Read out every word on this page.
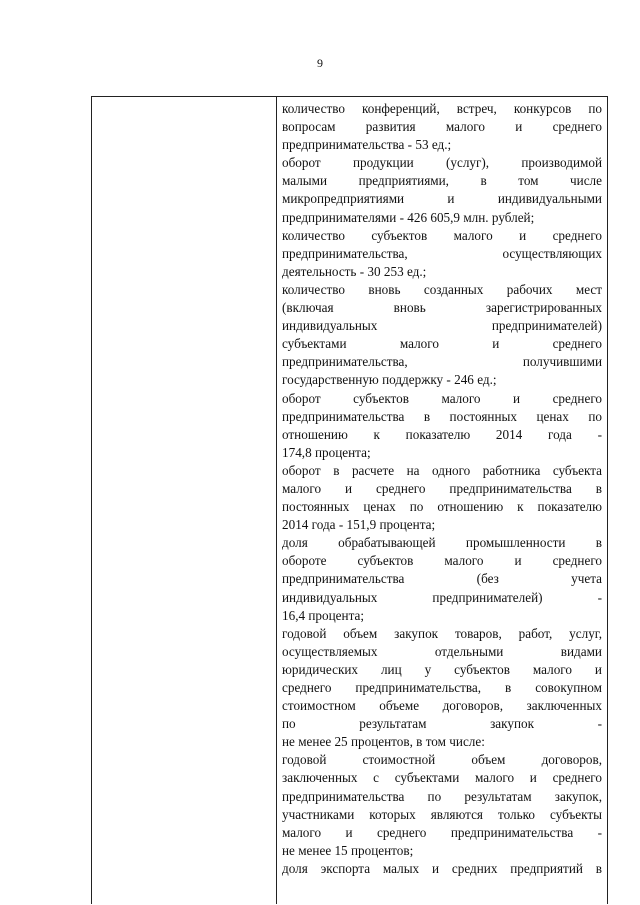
9
количество конференций, встреч, конкурсов по
вопросам развития малого и среднего
предпринимательства - 53 ед.;
оборот продукции (услуг), производимой
малыми предприятиями, в том числе
микропредприятиями и индивидуальными
предпринимателями - 426 605,9 млн. рублей;
количество субъектов малого и среднего
предпринимательства, осуществляющих
деятельность - 30 253 ед.;
количество вновь созданных рабочих мест
(включая вновь зарегистрированных
индивидуальных предпринимателей)
субъектами малого и среднего
предпринимательства, получившими
государственную поддержку - 246 ед.;
оборот субъектов малого и среднего
предпринимательства в постоянных ценах по
отношению к показателю 2014 года -
174,8 процента;
оборот в расчете на одного работника субъекта
малого и среднего предпринимательства в
постоянных ценах по отношению к показателю
2014 года - 151,9 процента;
доля обрабатывающей промышленности в
обороте субъектов малого и среднего
предпринимательства (без учета
индивидуальных предпринимателей) -
16,4 процента;
годовой объем закупок товаров, работ, услуг,
осуществляемых отдельными видами
юридических лиц у субъектов малого и
среднего предпринимательства, в совокупном
стоимостном объеме договоров, заключенных
по результатам закупок -
не менее 25 процентов, в том числе:
годовой стоимостной объем договоров,
заключенных с субъектами малого и среднего
предпринимательства по результатам закупок,
участниками которых являются только субъекты
малого и среднего предпринимательства -
не менее 15 процентов;
доля экспорта малых и средних предприятий в
